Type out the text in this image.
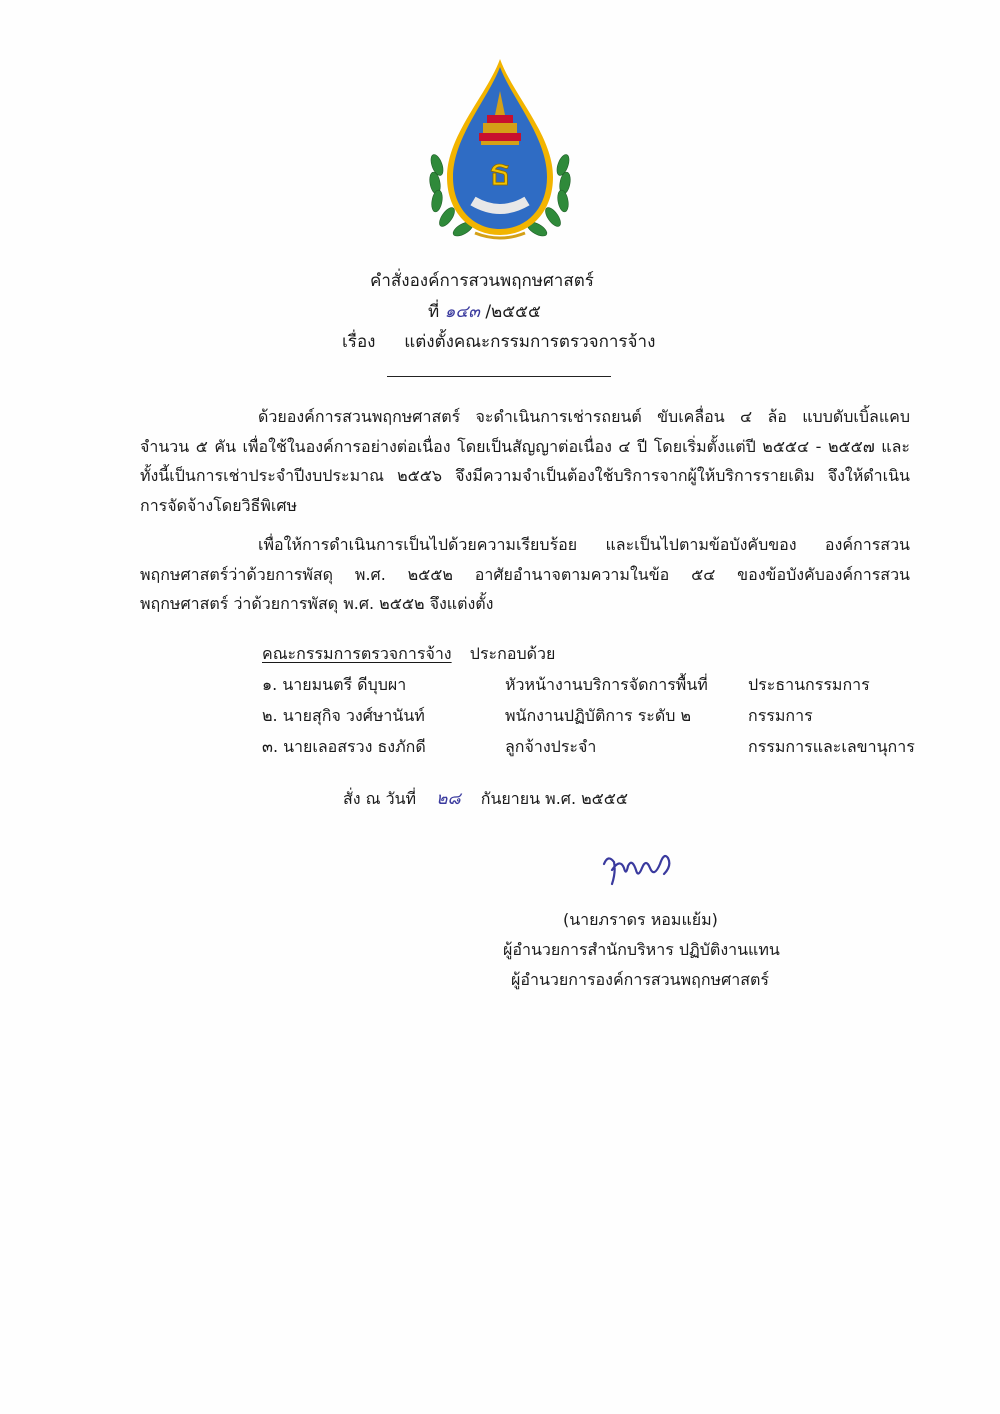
ธ
คำสั่งองค์การสวนพฤกษศาสตร์
ที่ ๑๔๓ /๒๕๕๕
เรื่อง แต่งตั้งคณะกรรมการตรวจการจ้าง

ด้วยองค์การสวนพฤกษศาสตร์ จะดำเนินการเช่ารถยนต์ ขับเคลื่อน ๔ ล้อ แบบดับเบิ้ลแคบ จำนวน ๕ คัน เพื่อใช้ในองค์การอย่างต่อเนื่อง โดยเป็นสัญญาต่อเนื่อง ๔ ปี โดยเริ่มตั้งแต่ปี ๒๕๕๔ - ๒๕๕๗ และทั้งนี้เป็นการเช่าประจำปีงบประมาณ ๒๕๕๖ จึงมีความจำเป็นต้องใช้บริการจากผู้ให้บริการรายเดิม จึงให้ดำเนินการจัดจ้างโดยวิธีพิเศษ

เพื่อให้การดำเนินการเป็นไปด้วยความเรียบร้อย และเป็นไปตามข้อบังคับของ องค์การสวนพฤกษศาสตร์ว่าด้วยการพัสดุ พ.ศ. ๒๕๕๒ อาศัยอำนาจตามความในข้อ ๕๔ ของข้อบังคับองค์การสวนพฤกษศาสตร์ ว่าด้วยการพัสดุ พ.ศ. ๒๕๕๒ จึงแต่งตั้ง

คณะกรรมการตรวจการจ้าง ประกอบด้วย
๑. นายมนตรี ดีบุบผา	หัวหน้างานบริการจัดการพื้นที่	ประธานกรรมการ
๒. นายสุกิจ วงศ์ษานันท์	พนักงานปฏิบัติการ ระดับ ๒	กรรมการ
๓. นายเลอสรวง ธงภักดี	ลูกจ้างประจำ	กรรมการและเลขานุการ
สั่ง ณ วันที่ ๒๘ กันยายน พ.ศ. ๒๕๕๕
(นายภราดร หอมแย้ม)
ผู้อำนวยการสำนักบริหาร ปฏิบัติงานแทน
ผู้อำนวยการองค์การสวนพฤกษศาสตร์
